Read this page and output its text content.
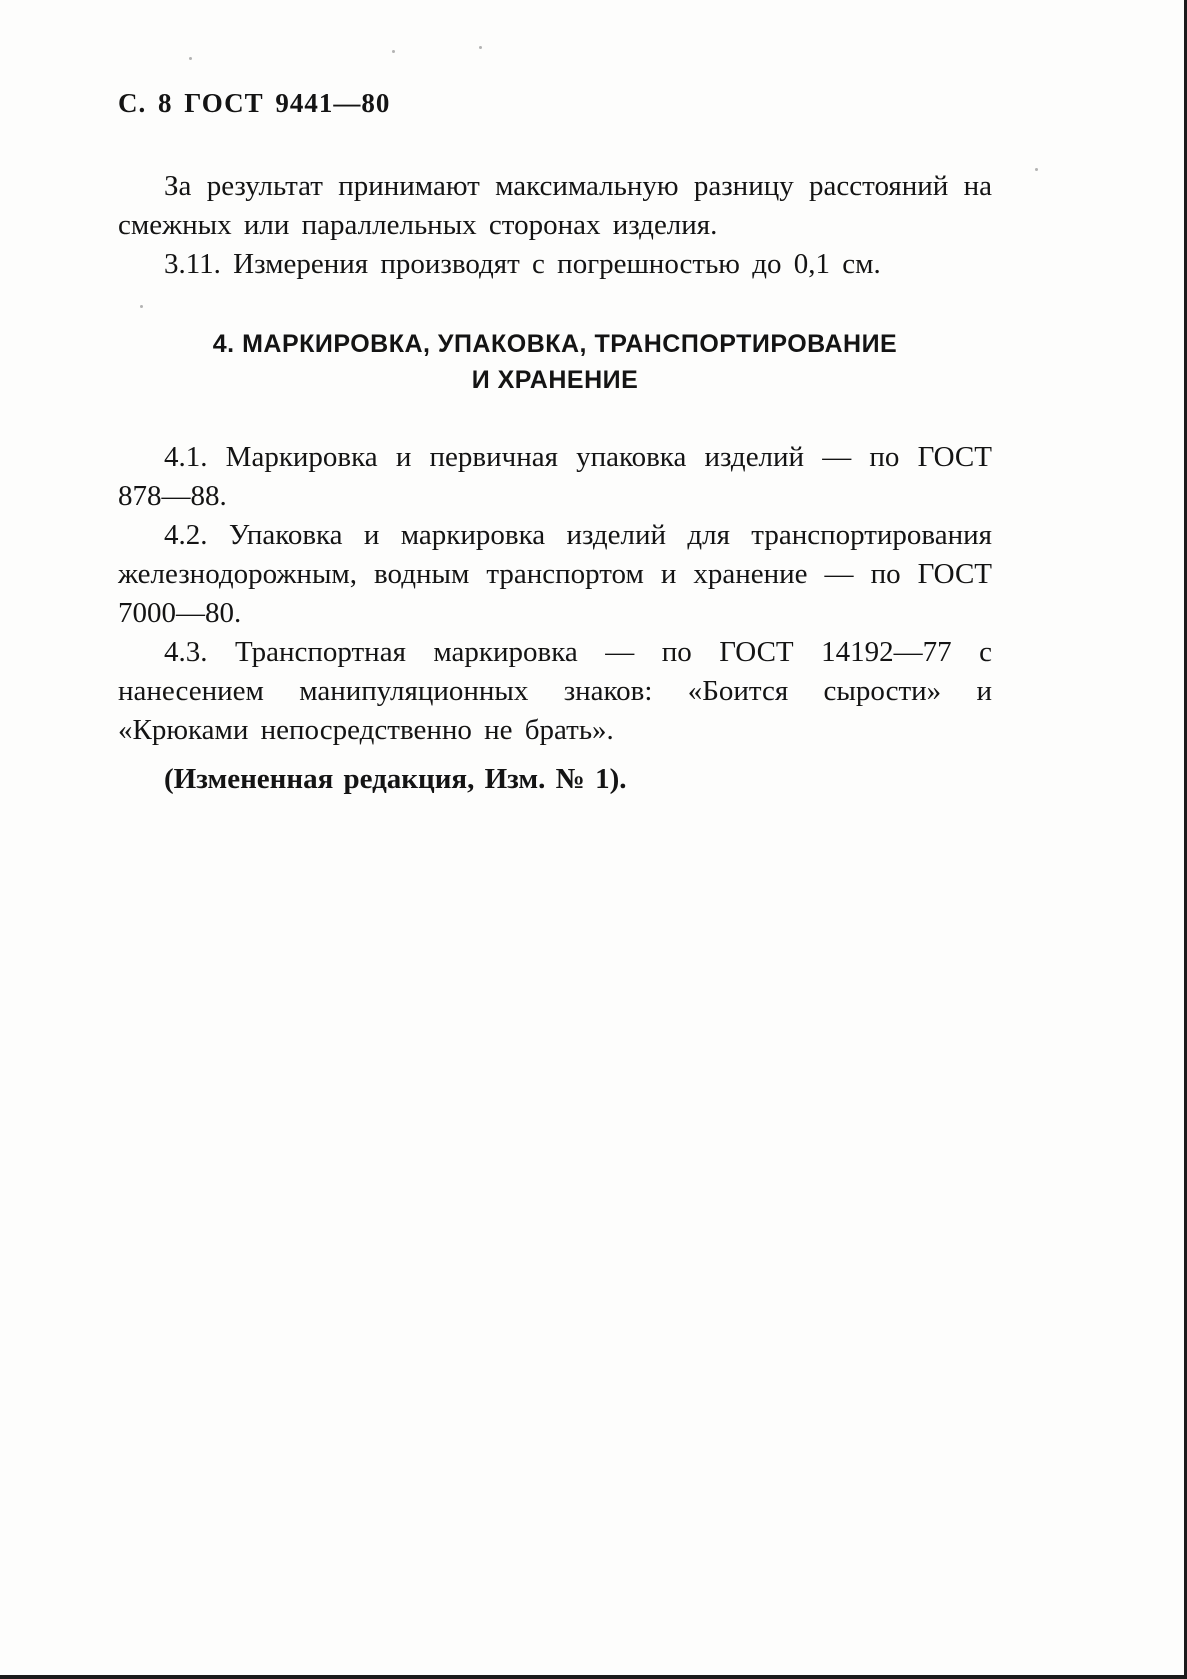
С. 8 ГОСТ 9441—80

За результат принимают максимальную разницу расстояний на смежных или параллельных сторонах изделия.

3.11. Измерения производят с погрешностью до 0,1 см.

4. МАРКИРОВКА, УПАКОВКА, ТРАНСПОРТИРОВАНИЕ
И ХРАНЕНИЕ

4.1. Маркировка и первичная упаковка изделий — по ГОСТ 878—88.

4.2. Упаковка и маркировка изделий для транспортирования железнодорожным, водным транспортом и хранение — по ГОСТ 7000—80.

4.3. Транспортная маркировка — по ГОСТ 14192—77 с нанесением манипуляционных знаков: «Боится сырости» и «Крюками непосредственно не брать».

(Измененная редакция, Изм. № 1).
